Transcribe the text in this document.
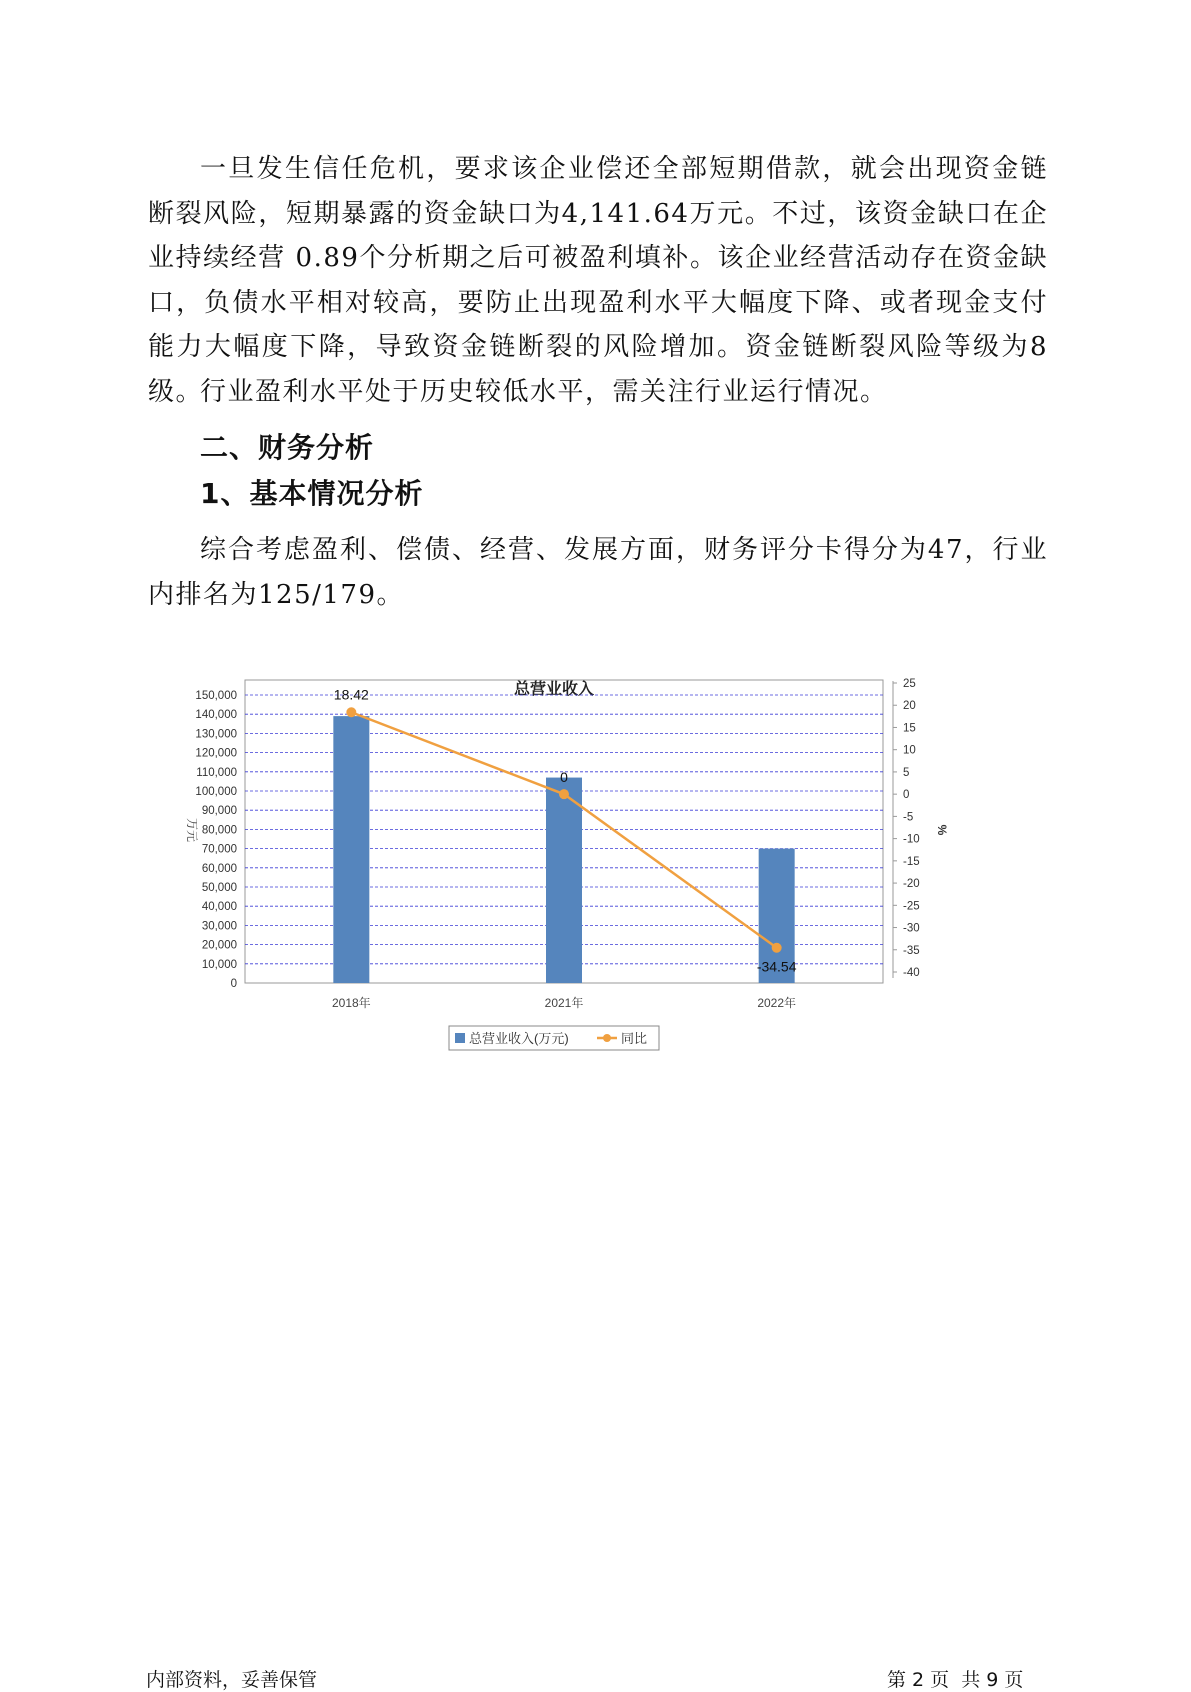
一旦发生信任危机，要求该企业偿还全部短期借款，就会出现资金链断裂风险，短期暴露的资金缺口为4,141.64万元。不过，该资金缺口在企业持续经营 0.89个分析期之后可被盈利填补。该企业经营活动存在资金缺口，负债水平相对较高，要防止出现盈利水平大幅度下降、或者现金支付能力大幅度下降，导致资金链断裂的风险增加。资金链断裂风险等级为8级。

行业盈利水平处于历史较低水平，需关注行业运行情况。

二、财务分析
1、基本情况分析

综合考虑盈利、偿债、经营、发展方面，财务评分卡得分为47，行业内排名为125/179。

总营业收入
0
10,000
20,000
30,000
40,000
50,000
60,000
70,000
80,000
90,000
100,000
110,000
120,000
130,000
140,000
150,000
-40
-35
-30
-25
-20
-15
-10
-5
0
5
10
15
20
25
万元	%
2018年	2021年	2022年
18.42
0
-34.54
总营业收入(万元)	同比
内部资料，妥善保管	第 2 页  共 9 页
